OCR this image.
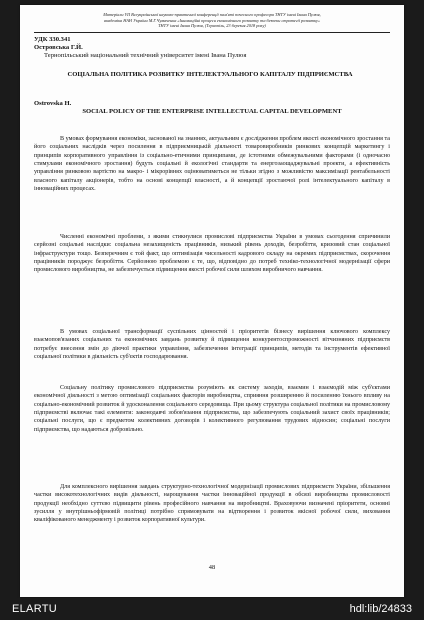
Матеріали VII Всеукраїнської науково-практичної конференції пам'яті почесного професора ТНТУ імені Івана Пулюя,
академіка НАН України М.Г.Чумаченка «Інноваційні процеси економічного розвитку та безпеки стратегії розвитку»
ТНТУ імені Івана Пулюя, (Тернопіль, 23 березня 2018 року)
УДК 330.341
Островська Г.Й.
Тернопільський національний технічний університет імені Івана Пулюя
СОЦІАЛЬНА ПОЛІТИКА РОЗВИТКУ ІНТЕЛЕКТУАЛЬНОГО КАПІТАЛУ ПІДПРИЄМСТВА
Ostrovska H.
SOCIAL POLICY OF THE ENTERPRISE INTELLECTUAL CAPITAL DEVELOPMENT
В умовах формування економіки, заснованої на знаннях, актуальним є дослідження проблем якості економічного зростання та його соціальних наслідків через посилення в підприємницькій діяльності товаровиробників ринкових концепцій маркетингу і принципів корпоративного управління із соціально-етичними принципами, де істотними обмежувальними факторами (і одночасно стимулами економічного зростання) будуть соціальні й екологічні стандарти та енергозаощаджувальні проекти, а ефективність управління ринковою вартістю на макро- і мікрорівнях оцінюватиметься не тільки згідно з можливістю максимізації рентабельності власного капіталу акціонерів, тобто на основі концепції власності, а й концепції зростаючої ролі інтелектуального капіталу в інноваційних процесах.
Численні економічні проблеми, з якими стикнулися промислові підприємства України в умовах сьогодення спричинили серйозні соціальні наслідки: соціальна незахищеність працівників, низький рівень доходів, безробіття, кризовий стан соціальної інфраструктури тощо. Безперечним є той факт, що оптимізація чисельності кадрового складу на окремих підприємствах, скорочення працівників породжує безробіття. Серйозною проблемою є те, що, відповідно до потреб техніко-технологічної модернізації сфери промислового виробництва, не забезпечується підвищення якості робочої сили шляхом виробничого навчання.
В умовах соціальної трансформації суспільних цінностей і пріоритетів бізнесу вирішення ключового комплексу взаємопов'язаних соціальних та економічних завдань розвитку й підвищення конкурентоспроможності вітчизняних підприємств потребує внесення змін до діючої практики управління, забезпечення інтеграції принципів, методів та інструментів ефективної соціальної політики в діяльність суб'єктів господарювання.
Соціальну політику промислового підприємства розуміють як систему заходів, взаємин і взаємодій між суб'єктами економічної діяльності з метою оптимізації соціальних факторів виробництва, сприяння розширенню й посиленню їхнього впливу на соціально-економічний розвиток й удосконалення соціального середовища. При цьому структура соціальної політики на промисловому підприємстві включає такі елементи: законодавчі зобов'язання підприємства, що забезпечують соціальний захист своїх працівників; соціальні послуги, що є предметом колективних договорів і колективного регулювання трудових відносин; соціальні послуги підприємства, що надаються добровільно.
Для комплексного вирішення завдань структурно-технологічної модернізації промислових підприємств України, збільшення частки високотехнологічних видів діяльності, нарощування частки інноваційної продукції в обсязі виробництва промисловості продукції необхідно суттєво підвищити рівень професійного навчання на виробництві. Враховуючи визначені пріоритети, основні зусилля у внутрішньофірмовій політиці потрібно спрямовувати на відтворення і розвиток якісної робочої сили, виховання кваліфікованого менеджменту і розвиток корпоративної культури.
48
ELARTU	hdl:lib/24833
